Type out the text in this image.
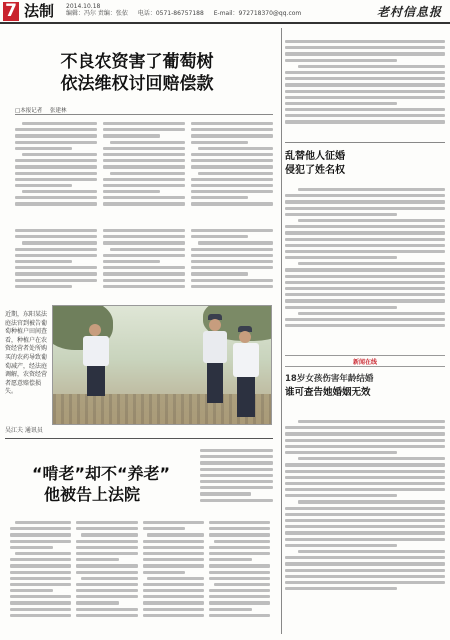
7 法制 2014.10.18
编辑：冯尔 责编：张依 电话：0571-86757188 E-mail：972718370@qq.com	老村信息报
不良农资害了葡萄树
依法维权讨回赔偿款
□本报记者 张建林
近期，东阳某法庭法官到被告葡萄种植户田间查看，种植户在农资经营者处所购买的农药导致葡萄减产，经法庭调解，农资经营者愿意赔偿损失。
吴江夫 通讯员
“啃老”却不“养老”
他被告上法院
乱替他人征婚
侵犯了姓名权
新闻在线
18岁女孩伤害年龄结婚
谁可查告她婚姻无效
